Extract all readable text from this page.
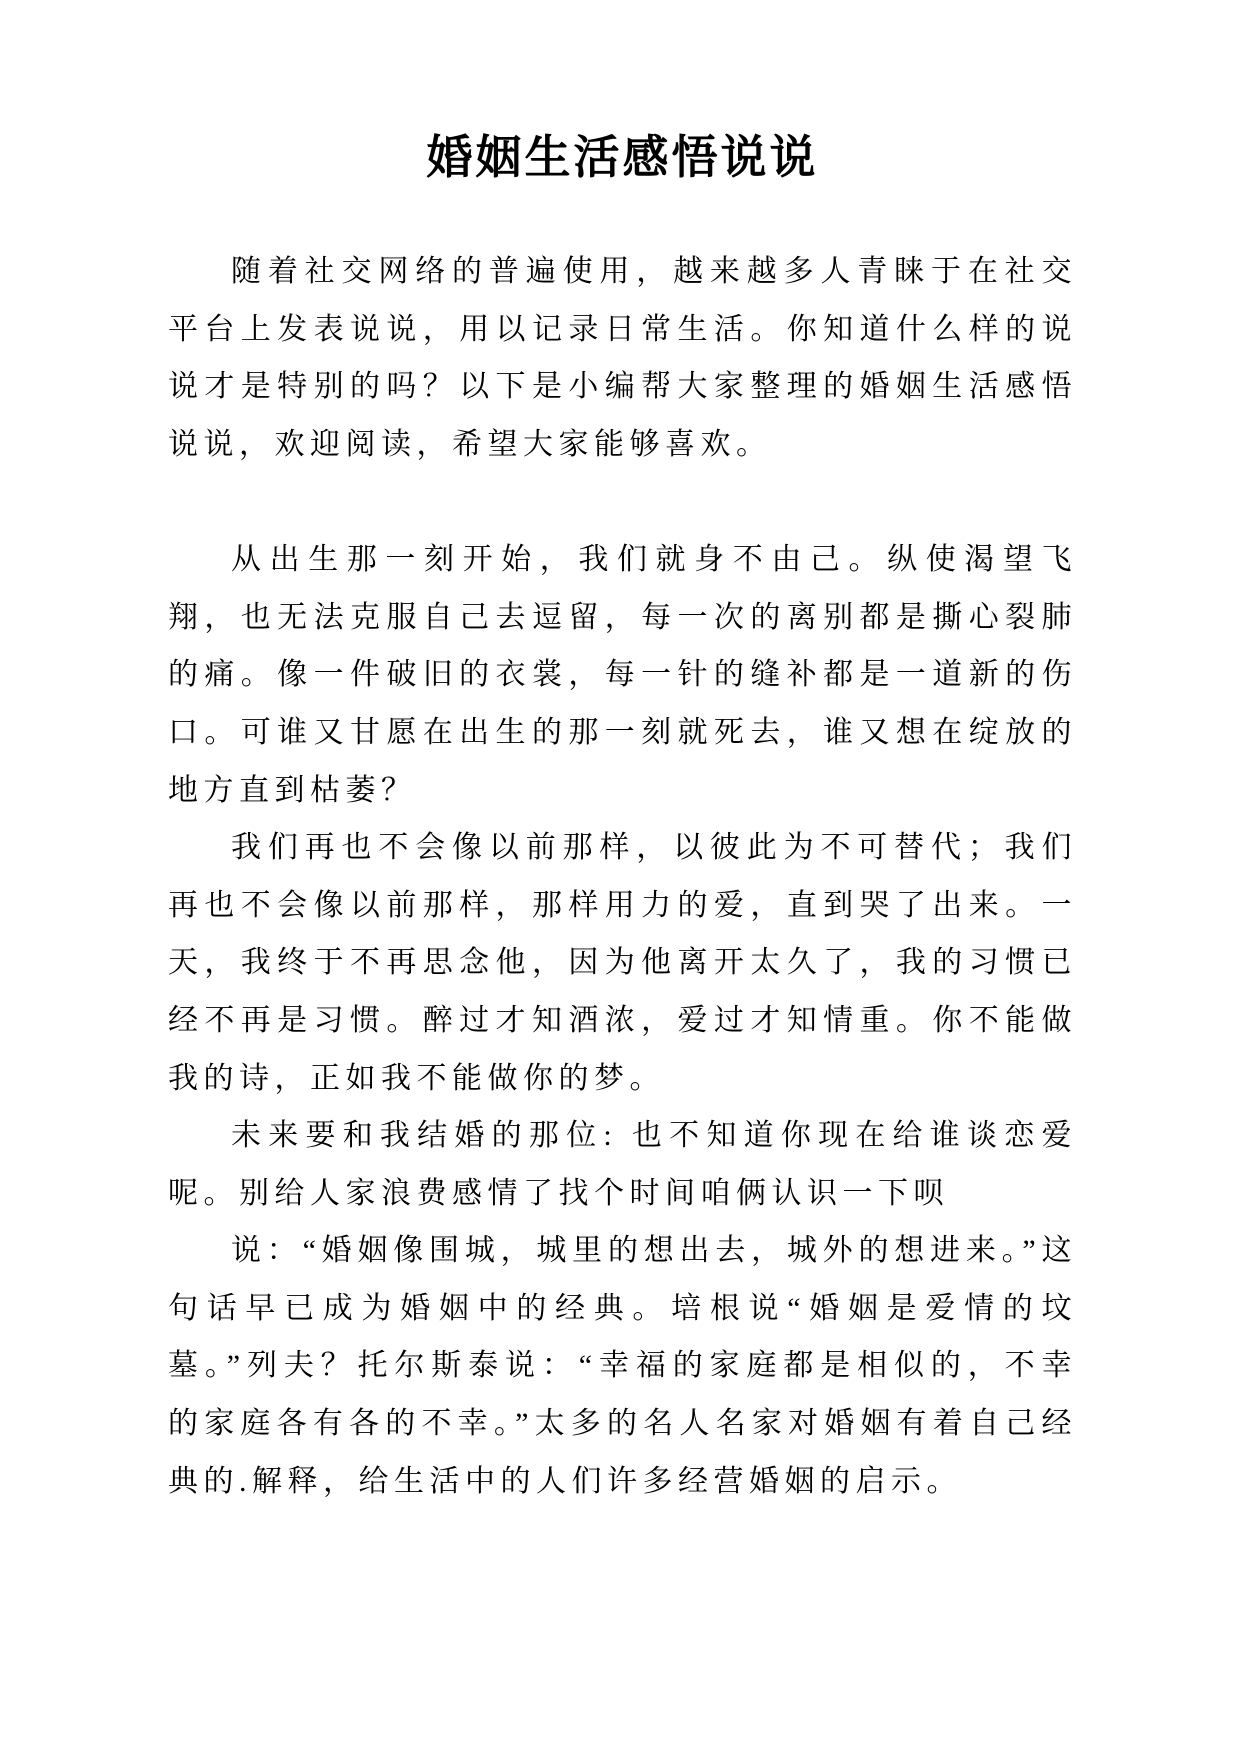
婚姻生活感悟说说

随着社交网络的普遍使用，越来越多人青睐于在社交平台上发表说说，用以记录日常生活。你知道什么样的说说才是特别的吗？以下是小编帮大家整理的婚姻生活感悟说说，欢迎阅读，希望大家能够喜欢。

从出生那一刻开始，我们就身不由己。纵使渴望飞翔，也无法克服自己去逗留，每一次的离别都是撕心裂肺的痛。像一件破旧的衣裳，每一针的缝补都是一道新的伤口。可谁又甘愿在出生的那一刻就死去，谁又想在绽放的地方直到枯萎？

我们再也不会像以前那样，以彼此为不可替代；我们再也不会像以前那样，那样用力的爱，直到哭了出来。一天，我终于不再思念他，因为他离开太久了，我的习惯已经不再是习惯。醉过才知酒浓，爱过才知情重。你不能做我的诗，正如我不能做你的梦。

未来要和我结婚的那位: 也不知道你现在给谁谈恋爱呢。别给人家浪费感情了找个时间咱俩认识一下呗

说：“婚姻像围城，城里的想出去，城外的想进来。”这句话早已成为婚姻中的经典。培根说“婚姻是爱情的坟墓。”列夫？托尔斯泰说：“幸福的家庭都是相似的，不幸的家庭各有各的不幸。”太多的名人名家对婚姻有着自己经典的.解释，给生活中的人们许多经营婚姻的启示。
